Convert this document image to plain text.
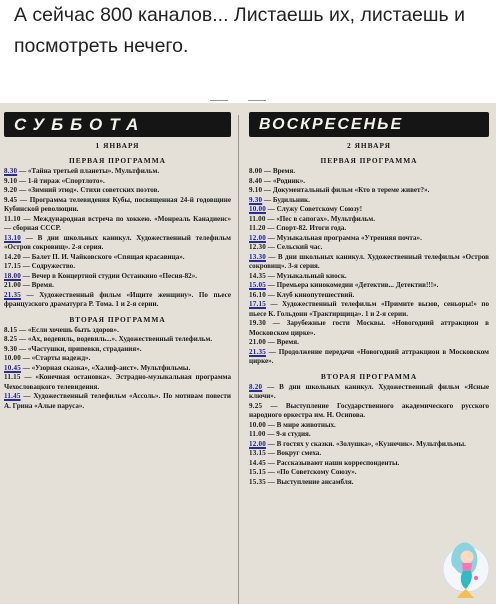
А сейчас 800 каналов... Листаешь их, листаешь и посмотреть нечего.
СУББОТА
1 ЯНВАРЯ
ПЕРВАЯ ПРОГРАММА
8.30 — «Тайна третьей планеты». Мультфильм.
9.10 — 1-й тираж «Спортлото».
9.20 — «Зимний этюд». Стихи советских поэтов.
9.45 — Программа телевидения Кубы, посвященная 24-й годовщине Кубинской революции.
11.10 — Международная встреча по хоккею. «Монреаль Канадиенс» — сборная СССР.
13.10 — В дни школьных каникул. Художественный телефильм «Остров сокровищ». 2-я серия.
14.20 — Балет П. И. Чайковского «Спящая красавица».
17.15 — Содружество.
18.00 — Вечер в Концертной студии Останкино «Песня-82».
21.00 — Время.
21.35 — Художественный фильм «Ищите женщину». По пьесе французского драматурга Р. Тома. 1 и 2-я серии.
ВТОРАЯ ПРОГРАММА
8.15 — «Если хочешь быть здоров».
8.25 — «Ах, водевиль, водевиль...». Художественный телефильм.
9.30 — «Частушки, припевки, страдания».
10.00 — «Старты надежд».
10.45 — «Узорная сказка», «Халиф-аист». Мультфильмы.
11.15 — «Конечная остановка». Эстрадно-музыкальная программа Чехословацкого телевидения.
11.45 — Художественный телефильм «Ассоль». По мотивам повести А. Грина «Алые паруса».
ВОСКРЕСЕНЬЕ
2 ЯНВАРЯ
ПЕРВАЯ ПРОГРАММА
8.00 — Время.
8.40 — «Родник».
9.10 — Документальный фильм «Кто в тереме живет?».
9.30 — Будильник.
10.00 — Служу Советскому Союзу!
11.00 — «Пес в сапогах». Мультфильм.
11.20 — Спорт-82. Итоги года.
12.00 — Музыкальная программа «Утренняя почта».
12.30 — Сельский час.
13.30 — В дни школьных каникул. Художественный телефильм «Остров сокровищ». 3-я серия.
14.35 — Музыкальный киоск.
15.05 — Премьера кинокомедии «Детектив... Детектив!!!».
16.10 — Клуб кинопутешествий.
17.15 — Художественный телефильм «Примите вызов, сеньоры!» по пьесе К. Гольдони «Трактирщица». 1 и 2-я серии.
19.30 — Зарубежные гости Москвы. «Новогодний аттракцион в Московском цирке».
21.00 — Время.
21.35 — Продолжение передачи «Новогодний аттракцион в Московском цирке».
ВТОРАЯ ПРОГРАММА
8.20 — В дни школьных каникул. Художественный фильм «Ясные ключи».
9.25 — Выступление Государственного академического русского народного оркестра им. Н. Осипова.
10.00 — В мире животных.
11.00 — 9-я студия.
12.00 — В гостях у сказки. «Золушка», «Кузнечик». Мультфильмы.
13.15 — Вокруг смеха.
14.45 — Рассказывают наши корреспонденты.
15.15 — «По Советскому Союзу».
15.35 — Выступление ансамбля.
